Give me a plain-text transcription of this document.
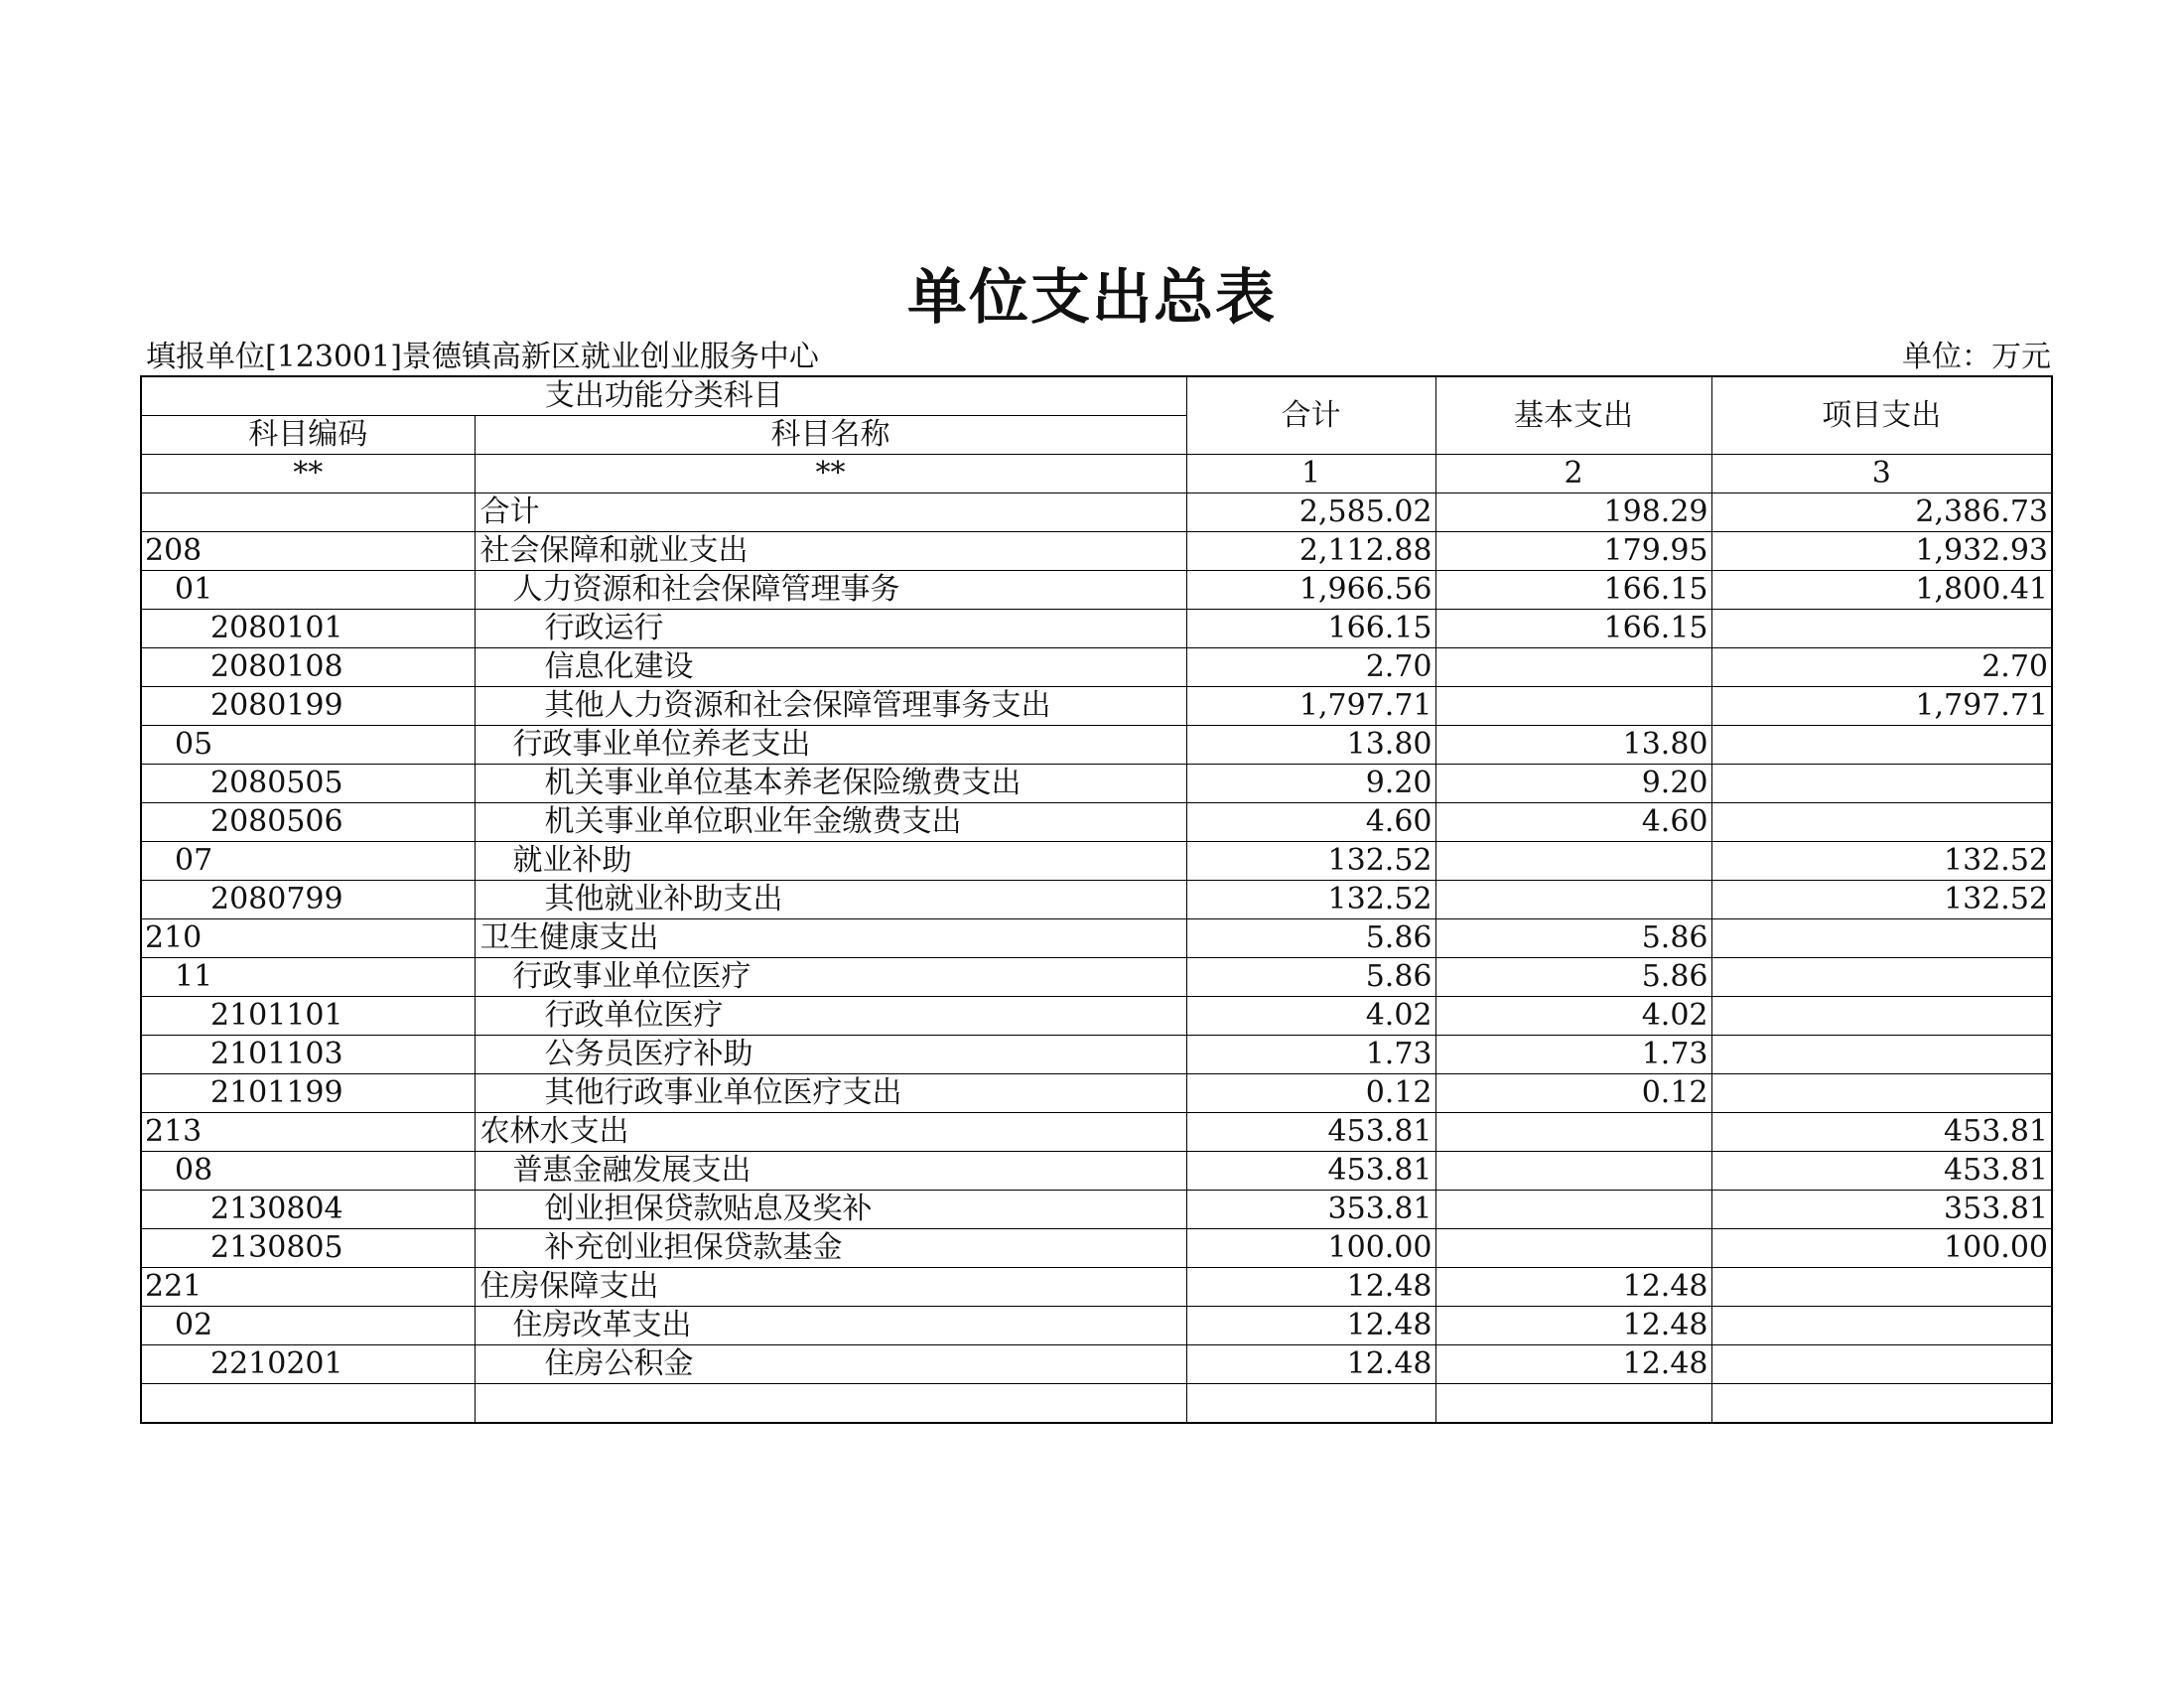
单位支出总表
填报单位[123001]景德镇高新区就业创业服务中心	单位：万元
支出功能分类科目		合计	基本支出	项目支出
科目编码	科目名称			
**	**	1	2	3
	合计	2,585.02	198.29	2,386.73
208	社会保障和就业支出	2,112.88	179.95	1,932.93
01	人力资源和社会保障管理事务	1,966.56	166.15	1,800.41
2080101	行政运行	166.15	166.15	
2080108	信息化建设	2.70		2.70
2080199	其他人力资源和社会保障管理事务支出	1,797.71		1,797.71
05	行政事业单位养老支出	13.80	13.80	
2080505	机关事业单位基本养老保险缴费支出	9.20	9.20	
2080506	机关事业单位职业年金缴费支出	4.60	4.60	
07	就业补助	132.52		132.52
2080799	其他就业补助支出	132.52		132.52
210	卫生健康支出	5.86	5.86	
11	行政事业单位医疗	5.86	5.86	
2101101	行政单位医疗	4.02	4.02	
2101103	公务员医疗补助	1.73	1.73	
2101199	其他行政事业单位医疗支出	0.12	0.12	
213	农林水支出	453.81		453.81
08	普惠金融发展支出	453.81		453.81
2130804	创业担保贷款贴息及奖补	353.81		353.81
2130805	补充创业担保贷款基金	100.00		100.00
221	住房保障支出	12.48	12.48	
02	住房改革支出	12.48	12.48	
2210201	住房公积金	12.48	12.48	
